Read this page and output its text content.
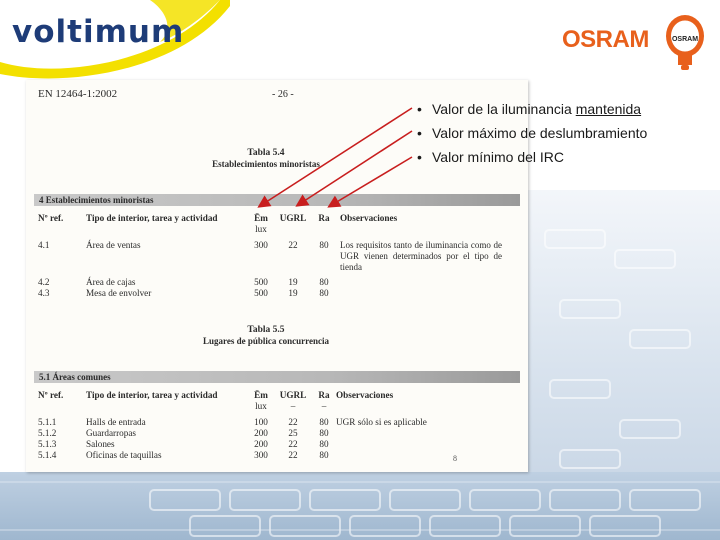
voltimum	OSRAM	OSRAM
EN 12464-1:2002	- 26 -
Tabla 5.4
Establecimientos minoristas
4 Establecimientos minoristas
Nº ref. Tipo de interior, tarea y actividad	Ēm	UGRL	Ra	Observaciones
lux
4.1	Área de ventas	300	22	80	Los requisitos tanto de iluminancia como de UGR vienen determinados por el tipo de tienda
4.2	Área de cajas	500	19	80
4.3	Mesa de envolver	500	19	80
Tabla 5.5
Lugares de pública concurrencia
5.1 Áreas comunes
Nº ref. Tipo de interior, tarea y actividad	Ēm	UGRL	Ra Observaciones
lux	–	–
5.1.1	Halls de entrada	100	22	80 UGR sólo si es aplicable
5.1.2	Guardarropas	200	25	80
5.1.3	Salones	200	22	80
5.1.4	Oficinas de taquillas	300	22	80	8
• Valor de la iluminancia mantenida
• Valor máximo de deslumbramiento
• Valor mínimo del IRC
